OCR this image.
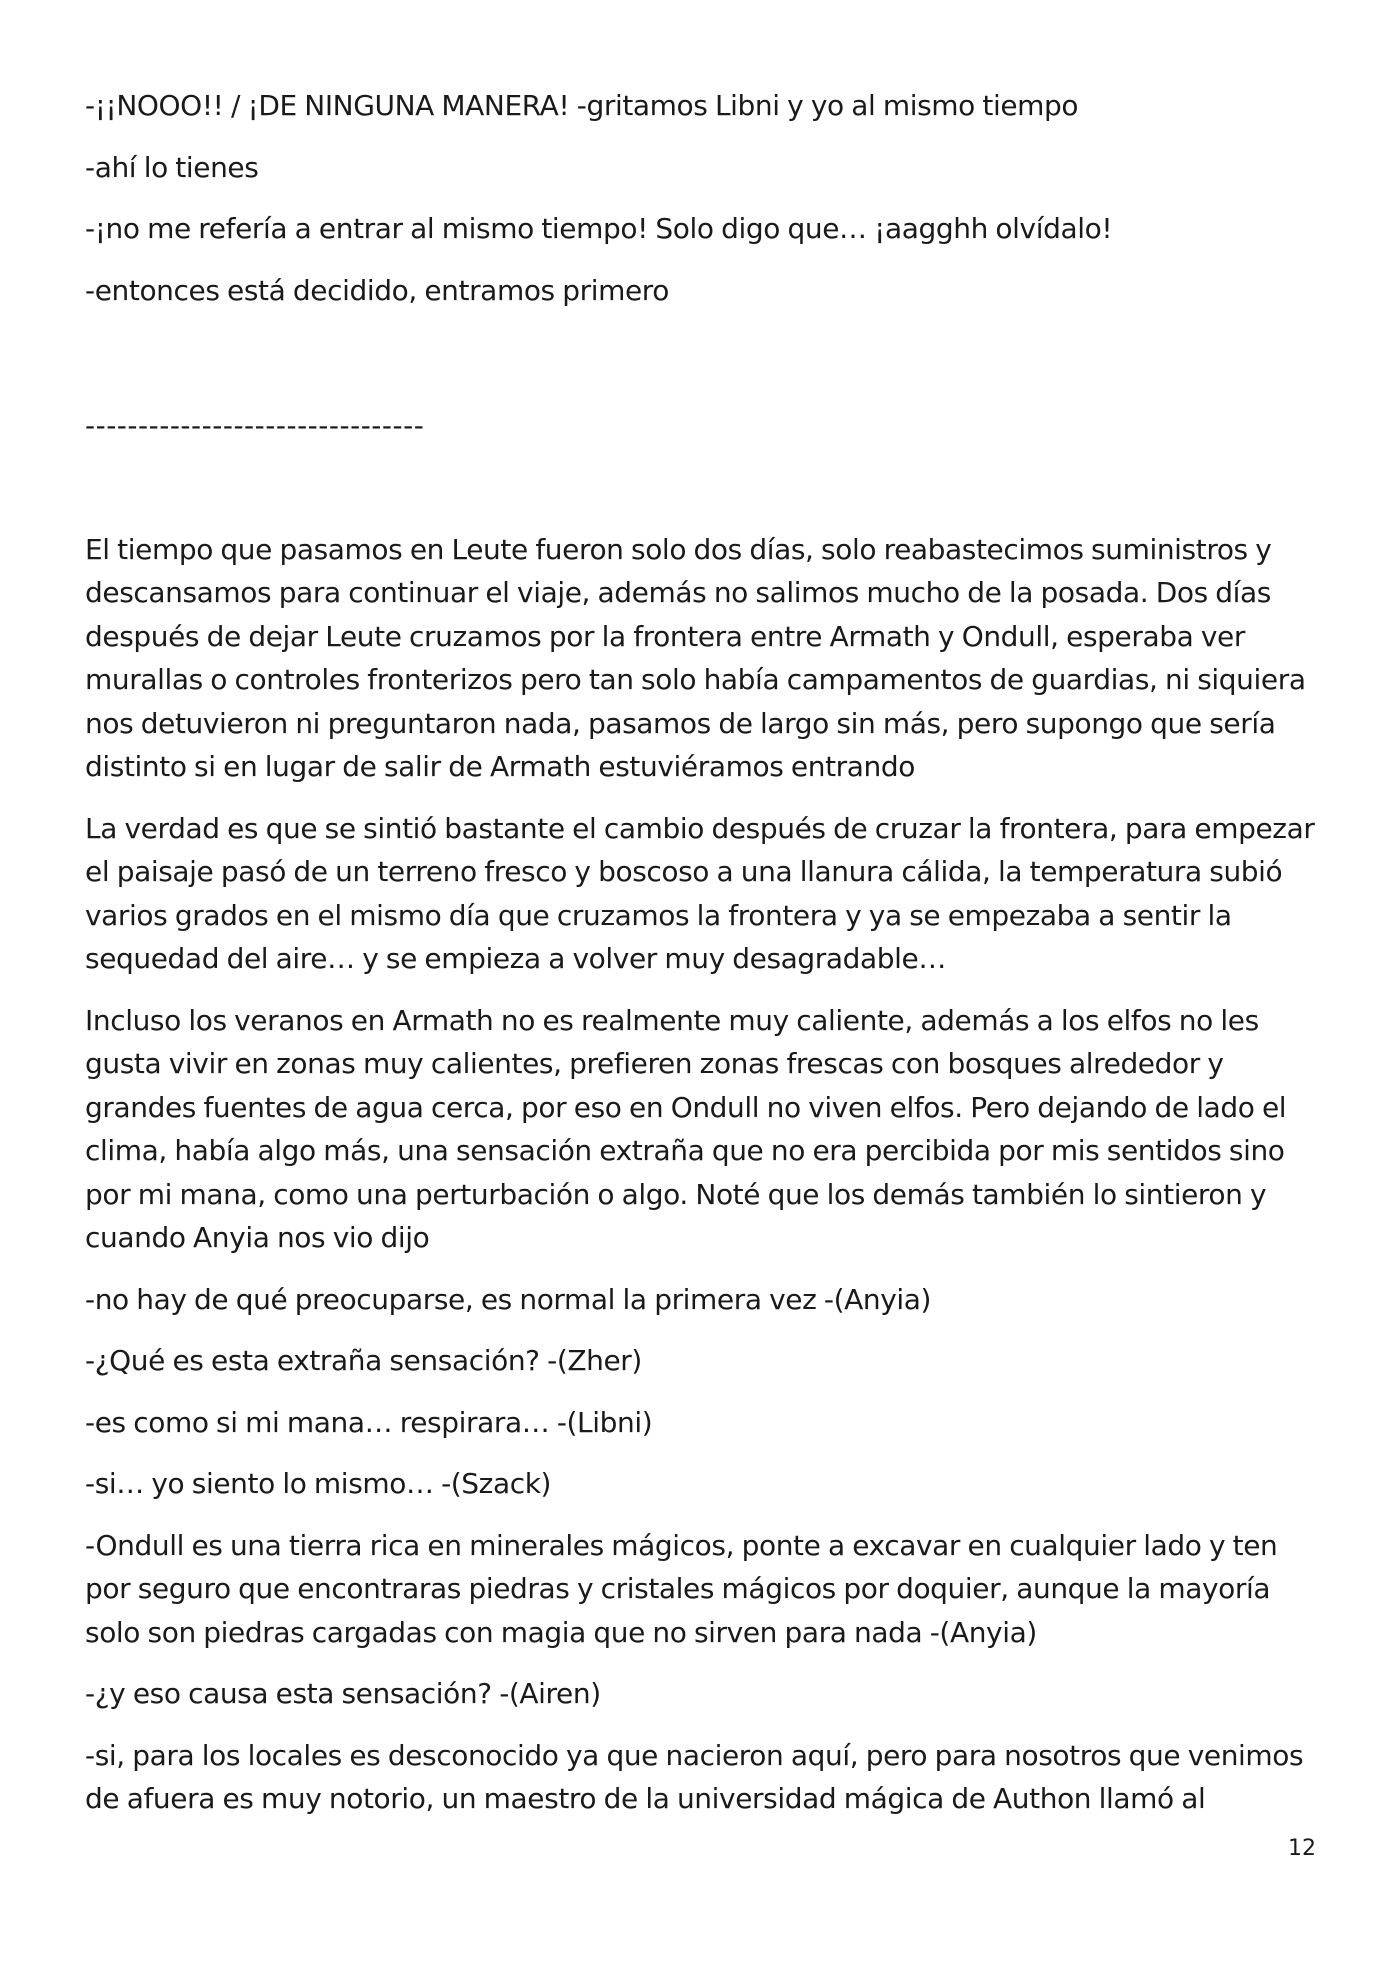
-¡¡NOOO!! / ¡DE NINGUNA MANERA! -gritamos Libni y yo al mismo tiempo

-ahí lo tienes

-¡no me refería a entrar al mismo tiempo! Solo digo que… ¡aagghh olvídalo!

-entonces está decidido, entramos primero

--------------------------------

El tiempo que pasamos en Leute fueron solo dos días, solo reabastecimos suministros y descansamos para continuar el viaje, además no salimos mucho de la posada. Dos días después de dejar Leute cruzamos por la frontera entre Armath y Ondull, esperaba ver murallas o controles fronterizos pero tan solo había campamentos de guardias, ni siquiera nos detuvieron ni preguntaron nada, pasamos de largo sin más, pero supongo que sería distinto si en lugar de salir de Armath estuviéramos entrando

La verdad es que se sintió bastante el cambio después de cruzar la frontera, para empezar el paisaje pasó de un terreno fresco y boscoso a una llanura cálida, la temperatura subió varios grados en el mismo día que cruzamos la frontera y ya se empezaba a sentir la sequedad del aire… y se empieza a volver muy desagradable…

Incluso los veranos en Armath no es realmente muy caliente, además a los elfos no les gusta vivir en zonas muy calientes, prefieren zonas frescas con bosques alrededor y grandes fuentes de agua cerca, por eso en Ondull no viven elfos. Pero dejando de lado el clima, había algo más, una sensación extraña que no era percibida por mis sentidos sino por mi mana, como una perturbación o algo. Noté que los demás también lo sintieron y cuando Anyia nos vio dijo

-no hay de qué preocuparse, es normal la primera vez -(Anyia)

-¿Qué es esta extraña sensación? -(Zher)

-es como si mi mana… respirara… -(Libni)

-si… yo siento lo mismo… -(Szack)

-Ondull es una tierra rica en minerales mágicos, ponte a excavar en cualquier lado y ten por seguro que encontraras piedras y cristales mágicos por doquier, aunque la mayoría solo son piedras cargadas con magia que no sirven para nada -(Anyia)

-¿y eso causa esta sensación? -(Airen)

-si, para los locales es desconocido ya que nacieron aquí, pero para nosotros que venimos de afuera es muy notorio, un maestro de la universidad mágica de Authon llamó al

12
